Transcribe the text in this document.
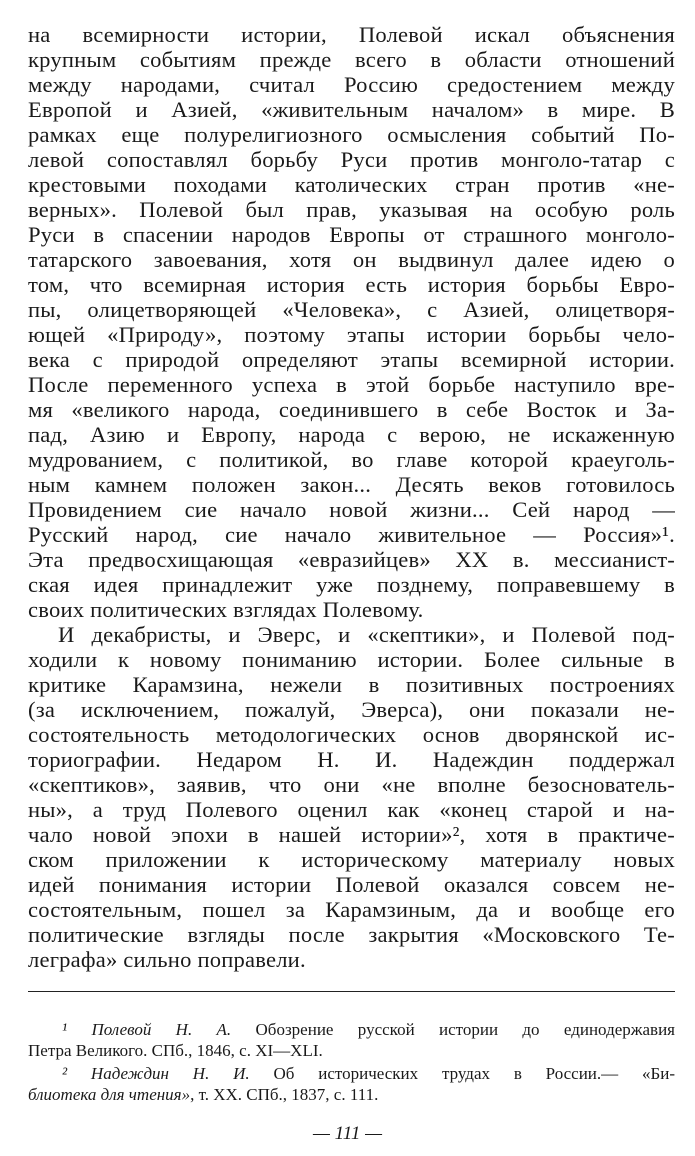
на всемирности истории, Полевой искал объяснения
крупным событиям прежде всего в области отношений
между народами, считал Россию средостением между
Европой и Азией, «живительным началом» в мире. В
рамках еще полурелигиозного осмысления событий По-
левой сопоставлял борьбу Руси против монголо-татар с
крестовыми походами католических стран против «не-
верных». Полевой был прав, указывая на особую роль
Руси в спасении народов Европы от страшного монголо-
татарского завоевания, хотя он выдвинул далее идею о
том, что всемирная история есть история борьбы Евро-
пы, олицетворяющей «Человека», с Азией, олицетворя-
ющей «Природу», поэтому этапы истории борьбы чело-
века с природой определяют этапы всемирной истории.
После переменного успеха в этой борьбе наступило вре-
мя «великого народа, соединившего в себе Восток и За-
пад, Азию и Европу, народа с верою, не искаженную
мудрованием, с политикой, во главе которой краеуголь-
ным камнем положен закон... Десять веков готовилось
Провидением сие начало новой жизни... Сей народ —
Русский народ, сие начало живительное — Россия»¹.
Эта предвосхищающая «евразийцев» XX в. мессианист-
ская идея принадлежит уже позднему, поправевшему в
своих политических взглядах Полевому.
И декабристы, и Эверс, и «скептики», и Полевой под-
ходили к новому пониманию истории. Более сильные в
критике Карамзина, нежели в позитивных построениях
(за исключением, пожалуй, Эверса), они показали не-
состоятельность методологических основ дворянской ис-
ториографии. Недаром Н. И. Надеждин поддержал
«скептиков», заявив, что они «не вполне безоснователь-
ны», а труд Полевого оценил как «конец старой и на-
чало новой эпохи в нашей истории»², хотя в практиче-
ском приложении к историческому материалу новых
идей понимания истории Полевой оказался совсем не-
состоятельным, пошел за Карамзиным, да и вообще его
политические взгляды после закрытия «Московского Те-
леграфа» сильно поправели.
¹ Полевой Н. А. Обозрение русской истории до единодержавия
Петра Великого. СПб., 1846, с. XI—XLI.
² Надеждин Н. И. Об исторических трудах в России.— «Би-
блиотека для чтения», т. XX. СПб., 1837, с. 111.
— 111 —
